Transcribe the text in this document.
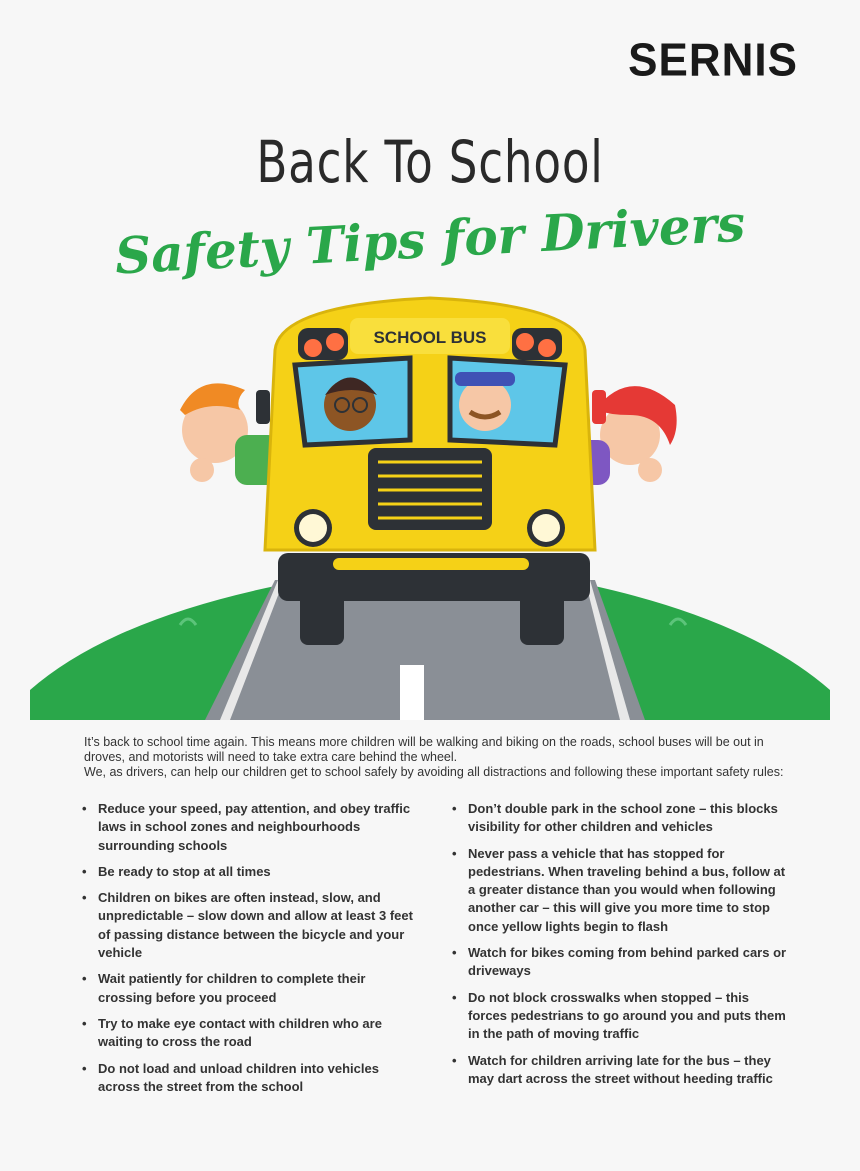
SERNIS
Back To School
Safety Tips for Drivers
SCHOOL BUS

It’s back to school time again. This means more children will be walking and biking on the roads, school buses will be out in droves, and motorists will need to take extra care behind the wheel.

We, as drivers, can help our children get to school safely by avoiding all distractions and following these important safety rules:

• Reduce your speed, pay attention, and obey traffic laws in school zones and neighbourhoods surrounding schools
• Be ready to stop at all times
• Children on bikes are often instead, slow, and unpredictable – slow down and allow at least 3 feet of passing distance between the bicycle and your vehicle
• Wait patiently for children to complete their crossing before you proceed
• Try to make eye contact with children who are waiting to cross the road
• Do not load and unload children into vehicles across the street from the school
• Don’t double park in the school zone – this blocks visibility for other children and vehicles
• Never pass a vehicle that has stopped for pedestrians. When traveling behind a bus, follow at a greater distance than you would when following another car – this will give you more time to stop once yellow lights begin to flash
• Watch for bikes coming from behind parked cars or driveways
• Do not block crosswalks when stopped – this forces pedestrians to go around you and puts them in the path of moving traffic
• Watch for children arriving late for the bus – they may dart across the street without heeding traffic
